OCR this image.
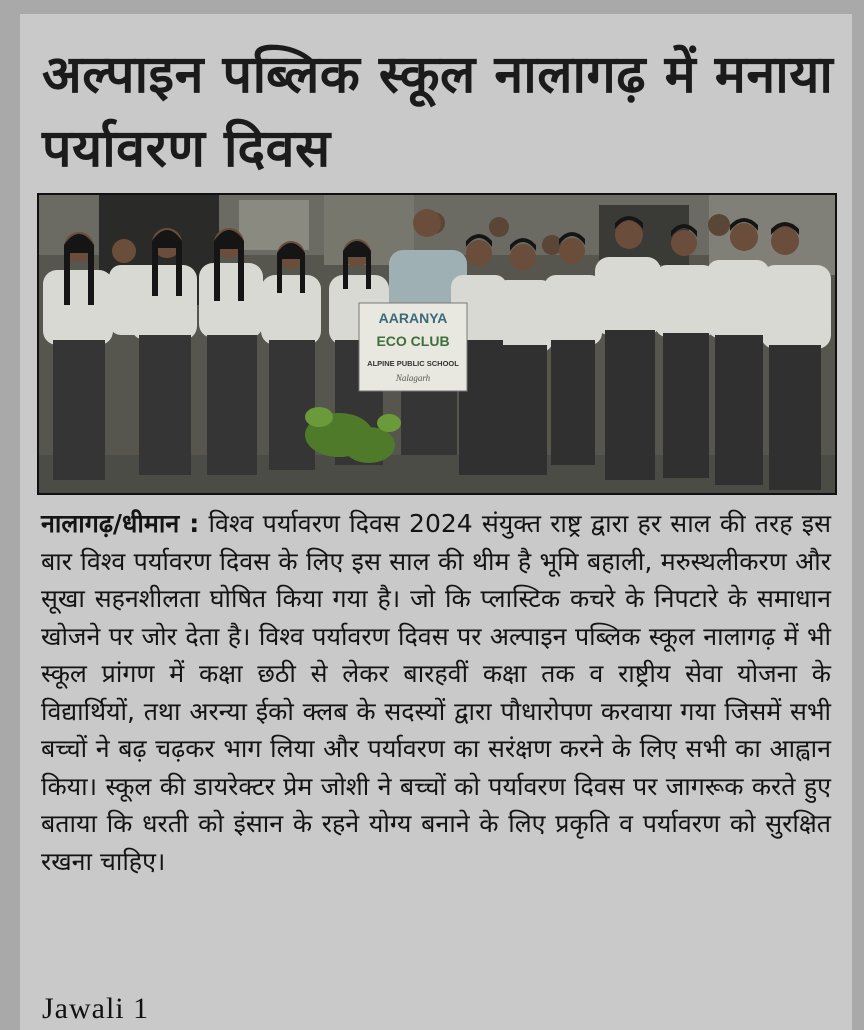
अल्पाइन पब्लिक स्कूल नालागढ़ में मनाया पर्यावरण दिवस
AARANYA
ECO CLUB
ALPINE PUBLIC SCHOOL
Nalagarh

नालागढ़/धीमान : विश्व पर्यावरण दिवस 2024 संयुक्त राष्ट्र द्वारा हर साल की तरह इस बार विश्व पर्यावरण दिवस के लिए इस साल की थीम है भूमि बहाली, मरुस्थलीकरण और सूखा सहनशीलता घोषित किया गया है। जो कि प्लास्टिक कचरे के निपटारे के समाधान खोजने पर जोर देता है। विश्व पर्यावरण दिवस पर अल्पाइन पब्लिक स्कूल नालागढ़ में भी स्कूल प्रांगण में कक्षा छठी से लेकर बारहवीं कक्षा तक व राष्ट्रीय सेवा योजना के विद्यार्थियों, तथा अरन्या ईको क्लब के सदस्यों द्वारा पौधारोपण करवाया गया जिसमें सभी बच्चों ने बढ़ चढ़कर भाग लिया और पर्यावरण का सरंक्षण करने के लिए सभी का आह्वान किया। स्कूल की डायरेक्टर प्रेम जोशी ने बच्चों को पर्यावरण दिवस पर जागरूक करते हुए बताया कि धरती को इंसान के रहने योग्य बनाने के लिए प्रकृति व पर्यावरण को सुरक्षित रखना चाहिए।

Jawali 1
